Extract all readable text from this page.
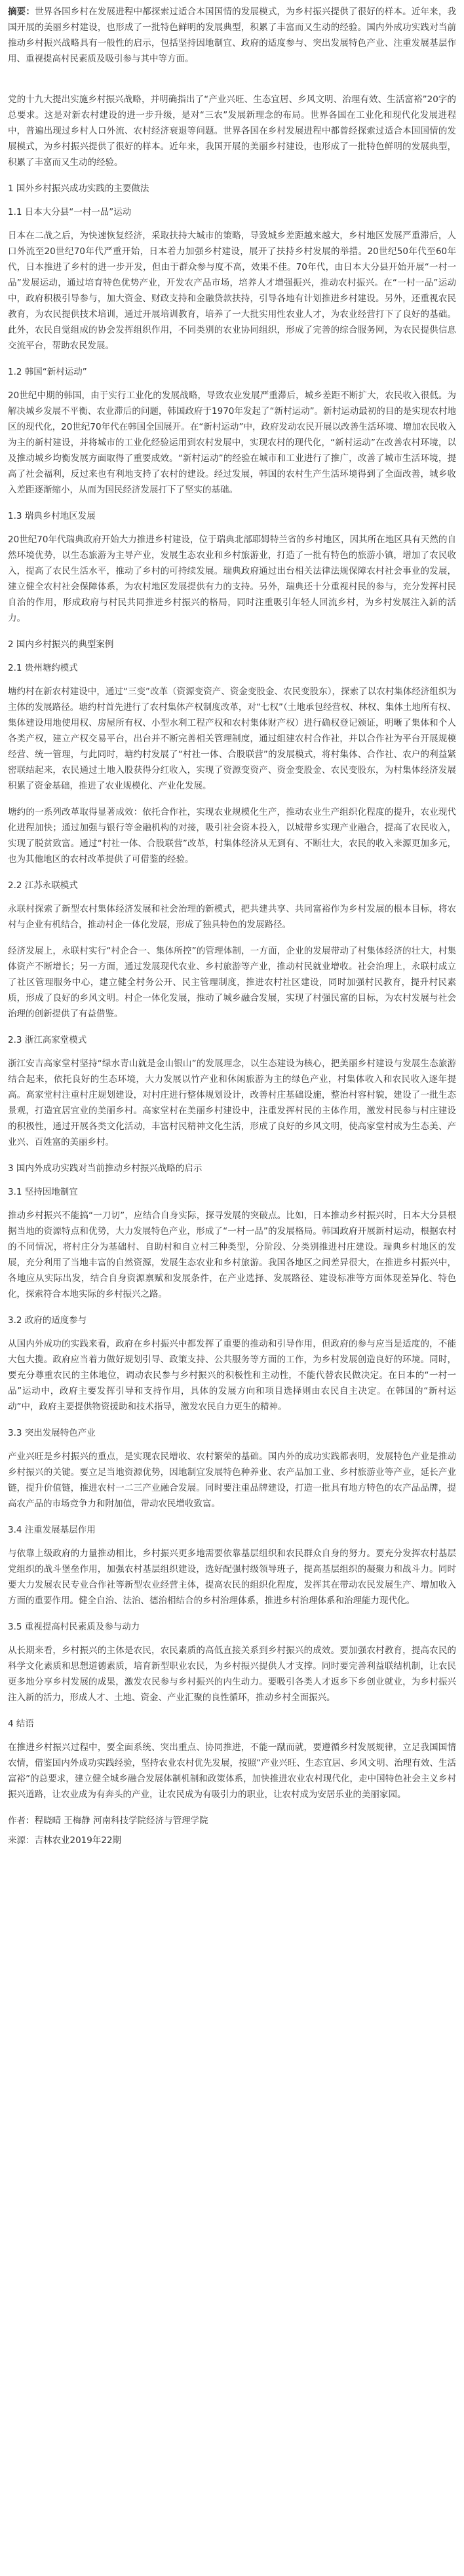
摘要：世界各国乡村在发展进程中都探索过适合本国国情的发展模式，为乡村振兴提供了很好的样本。近年来，我国开展的美丽乡村建设，也形成了一批特色鲜明的发展典型，积累了丰富而又生动的经验。国内外成功实践对当前推动乡村振兴战略具有一般性的启示，包括坚持因地制宜、政府的适度参与、突出发展特色产业、注重发展基层作用、重视提高村民素质及吸引参与其中等方面。

党的十九大提出实施乡村振兴战略，并明确指出了“产业兴旺、生态宜居、乡风文明、治理有效、生活富裕”20字的总要求。这是对新农村建设的进一步升级，是对“三农”发展新理念的布局。世界各国在工业化和现代化发展进程中，普遍出现过乡村人口外流、农村经济衰退等问题。世界各国在乡村发展进程中都曾经探索过适合本国国情的发展模式，为乡村振兴提供了很好的样本。近年来，我国开展的美丽乡村建设，也形成了一批特色鲜明的发展典型，积累了丰富而又生动的经验。

1 国外乡村振兴成功实践的主要做法

1.1 日本大分县“一村一品”运动

日本在二战之后，为快速恢复经济，采取扶持大城市的策略，导致城乡差距越来越大，乡村地区发展严重滞后，人口外流至20世纪70年代严重开始，日本着力加强乡村建设，展开了扶持乡村发展的举措。20世纪50年代至60年代，日本推进了乡村的进一步开发，但由于群众参与度不高，效果不佳。70年代，由日本大分县开始开展“一村一品”发展运动，通过培育特色优势产业，开发农产品市场，培养人才增强振兴，推动农村振兴。在“一村一品”运动中，政府积极引导参与，加大资金、财政支持和金融贷款扶持，引导各地有计划推进乡村建设。另外，还重视农民教育，为农民提供技术培训，通过开展培训教育，培养了一大批实用性农业人才，为农业经营打下了良好的基础。此外，农民自觉组成的协会发挥组织作用，不同类别的农业协同组织，形成了完善的综合服务网，为农民提供信息交流平台，帮助农民发展。

1.2 韩国“新村运动”

20世纪中期的韩国，由于实行工业化的发展战略，导致农业发展严重滞后，城乡差距不断扩大，农民收入很低。为解决城乡发展不平衡、农业滞后的问题，韩国政府于1970年发起了“新村运动”。新村运动最初的目的是实现农村地区的现代化，20世纪70年代在韩国全国展开。在“新村运动”中，政府发动农民开展以改善生活环境、增加农民收入为主的新村建设，并将城市的工业化经验运用到农村发展中，实现农村的现代化，“新村运动”在改善农村环境，以及推动城乡均衡发展方面取得了重要成效。“新村运动”的经验在城市和工业进行了推广，改善了城市生活环境，提高了社会福利，反过来也有利地支持了农村的建设。经过发展，韩国的农村生产生活环境得到了全面改善，城乡收入差距逐渐缩小，从而为国民经济发展打下了坚实的基础。

1.3 瑞典乡村地区发展

20世纪70年代瑞典政府开始大力推进乡村建设，位于瑞典北部耶姆特兰省的乡村地区，因其所在地区具有天然的自然环境优势，以生态旅游为主导产业，发展生态农业和乡村旅游业，打造了一批有特色的旅游小镇，增加了农民收入，提高了农民生活水平，推动了乡村的可持续发展。瑞典政府通过出台相关法律法规保障农村社会事业的发展，建立健全农村社会保障体系，为农村地区发展提供有力的支持。另外，瑞典还十分重视村民的参与，充分发挥村民自治的作用，形成政府与村民共同推进乡村振兴的格局，同时注重吸引年轻人回流乡村，为乡村发展注入新的活力。

2 国内乡村振兴的典型案例

2.1 贵州塘约模式

塘约村在新农村建设中，通过“三变”改革（资源变资产、资金变股金、农民变股东），探索了以农村集体经济组织为主体的发展路径。塘约村首先进行了农村集体产权制度改革，对“七权”（土地承包经营权、林权、集体土地所有权、集体建设用地使用权、房屋所有权、小型水利工程产权和农村集体财产权）进行确权登记颁证，明晰了集体和个人各类产权，建立产权交易平台，出台并不断完善相关管理制度，通过组建农村合作社，并以合作社为平台开展规模经营、统一管理，与此同时，塘约村发展了“村社一体、合股联营”的发展模式，将村集体、合作社、农户的利益紧密联结起来，农民通过土地入股获得分红收入，实现了资源变资产、资金变股金、农民变股东，为村集体经济发展积累了资金基础，推进了农业规模化、产业化发展。

塘约的一系列改革取得显著成效：依托合作社，实现农业规模化生产，推动农业生产组织化程度的提升，农业现代化进程加快；通过加强与银行等金融机构的对接，吸引社会资本投入，以城带乡实现产业融合，提高了农民收入，实现了脱贫致富。通过“村社一体、合股联营”改革，村集体经济从无到有、不断壮大，农民的收入来源更加多元，也为其他地区的农村改革提供了可借鉴的经验。

2.2 江苏永联模式

永联村探索了新型农村集体经济发展和社会治理的新模式，把共建共享、共同富裕作为乡村发展的根本目标，将农村与企业有机结合，推动村企一体化发展，形成了独具特色的发展路径。

经济发展上，永联村实行“村企合一、集体所控”的管理体制，一方面，企业的发展带动了村集体经济的壮大，村集体资产不断增长；另一方面，通过发展现代农业、乡村旅游等产业，推动村民就业增收。社会治理上，永联村成立了社区管理服务中心，建立健全村务公开、民主管理制度，推进农村社区建设，同时加强村民教育，提升村民素质，形成了良好的乡风文明。村企一体化发展，推动了城乡融合发展，实现了村强民富的目标，为农村发展与社会治理的创新提供了有益借鉴。

2.3 浙江高家堂模式

浙江安吉高家堂村坚持“绿水青山就是金山银山”的发展理念，以生态建设为核心，把美丽乡村建设与发展生态旅游结合起来，依托良好的生态环境，大力发展以竹产业和休闲旅游为主的绿色产业，村集体收入和农民收入逐年提高。高家堂村注重村庄规划建设，对村庄进行整体规划设计，改善村庄基础设施，整治村容村貌，建设了一批生态景观，打造宜居宜业的美丽乡村。高家堂村在美丽乡村建设中，注重发挥村民的主体作用，激发村民参与村庄建设的积极性，通过开展各类文化活动，丰富村民精神文化生活，形成了良好的乡风文明，使高家堂村成为生态美、产业兴、百姓富的美丽乡村。

3 国内外成功实践对当前推动乡村振兴战略的启示

3.1 坚持因地制宜

推动乡村振兴不能搞“一刀切”，应结合自身实际，探寻发展的突破点。比如，日本推动乡村振兴时，日本大分县根据当地的资源特点和优势，大力发展特色产业，形成了“一村一品”的发展格局。韩国政府开展新村运动，根据农村的不同情况，将村庄分为基础村、自助村和自立村三种类型，分阶段、分类别推进村庄建设。瑞典乡村地区的发展，充分利用了当地丰富的自然资源，发展生态农业和乡村旅游。我国各地区之间差异很大，在推进乡村振兴中，各地应从实际出发，结合自身资源禀赋和发展条件，在产业选择、发展路径、建设标准等方面体现差异化、特色化，探索符合本地实际的乡村振兴之路。

3.2 政府的适度参与

从国内外成功的实践来看，政府在乡村振兴中都发挥了重要的推动和引导作用，但政府的参与应当是适度的，不能大包大揽。政府应当着力做好规划引导、政策支持、公共服务等方面的工作，为乡村发展创造良好的环境。同时，要充分尊重农民的主体地位，调动农民参与乡村振兴的积极性和主动性，不能代替农民做决定。在日本的“一村一品”运动中，政府主要发挥引导和支持作用，具体的发展方向和项目选择则由农民自主决定。在韩国的“新村运动”中，政府主要提供物资援助和技术指导，激发农民自力更生的精神。

3.3 突出发展特色产业

产业兴旺是乡村振兴的重点，是实现农民增收、农村繁荣的基础。国内外的成功实践都表明，发展特色产业是推动乡村振兴的关键。要立足当地资源优势，因地制宜发展特色种养业、农产品加工业、乡村旅游业等产业，延长产业链，提升价值链，推进农村一二三产业融合发展。同时要注重品牌建设，打造一批具有地方特色的农产品品牌，提高农产品的市场竞争力和附加值，带动农民增收致富。

3.4 注重发展基层作用

与依靠上级政府的力量推动相比，乡村振兴更多地需要依靠基层组织和农民群众自身的努力。要充分发挥农村基层党组织的战斗堡垒作用，加强农村基层组织建设，选好配强村级领导班子，提高基层组织的凝聚力和战斗力。同时要大力发展农民专业合作社等新型农业经营主体，提高农民的组织化程度，发挥其在带动农民发展生产、增加收入方面的重要作用。健全自治、法治、德治相结合的乡村治理体系，推进乡村治理体系和治理能力现代化。

3.5 重视提高村民素质及参与动力

从长期来看，乡村振兴的主体是农民，农民素质的高低直接关系到乡村振兴的成效。要加强农村教育，提高农民的科学文化素质和思想道德素质，培育新型职业农民，为乡村振兴提供人才支撑。同时要完善利益联结机制，让农民更多地分享乡村发展的成果，激发农民参与乡村振兴的内生动力。要吸引各类人才返乡下乡创业就业，为乡村振兴注入新的活力，形成人才、土地、资金、产业汇聚的良性循环，推动乡村全面振兴。

4 结语

在推进乡村振兴过程中，要全面系统、突出重点、协同推进，不能一蹴而就，要遵循乡村发展规律，立足我国国情农情，借鉴国内外成功实践经验，坚持农业农村优先发展，按照“产业兴旺、生态宜居、乡风文明、治理有效、生活富裕”的总要求，建立健全城乡融合发展体制机制和政策体系，加快推进农业农村现代化，走中国特色社会主义乡村振兴道路，让农业成为有奔头的产业，让农民成为有吸引力的职业，让农村成为安居乐业的美丽家园。

作者：程晓晴 王梅静 河南科技学院经济与管理学院

来源：吉林农业2019年22期
